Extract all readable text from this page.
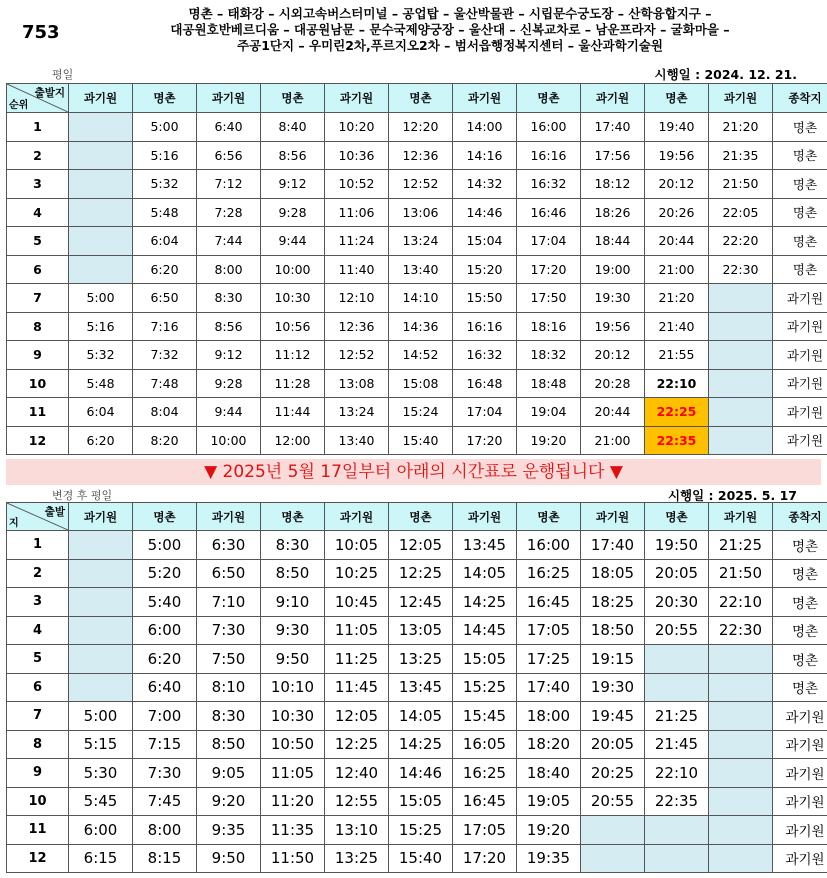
753
명촌 – 태화강 – 시외고속버스터미널 – 공업탑 – 울산박물관 – 시립문수궁도장 – 산학융합지구 –
대공원호반베르디움 – 대공원남문 – 문수국제양궁장 – 울산대 – 신복교차로 – 남운프라자 – 굴화마을 –
주공1단지 – 우미린2차,푸르지오2차 – 범서읍행정복지센터 – 울산과학기술원
평일	시행일 : 2024. 12. 21.
출발지
순위	과기원	명촌	과기원	명촌	과기원	명촌	과기원	명촌	과기원	명촌	과기원	종착지
1		5:00	6:40	8:40	10:20	12:20	14:00	16:00	17:40	19:40	21:20	명촌
2		5:16	6:56	8:56	10:36	12:36	14:16	16:16	17:56	19:56	21:35	명촌
3		5:32	7:12	9:12	10:52	12:52	14:32	16:32	18:12	20:12	21:50	명촌
4		5:48	7:28	9:28	11:06	13:06	14:46	16:46	18:26	20:26	22:05	명촌
5		6:04	7:44	9:44	11:24	13:24	15:04	17:04	18:44	20:44	22:20	명촌
6		6:20	8:00	10:00	11:40	13:40	15:20	17:20	19:00	21:00	22:30	명촌
7	5:00	6:50	8:30	10:30	12:10	14:10	15:50	17:50	19:30	21:20		과기원
8	5:16	7:16	8:56	10:56	12:36	14:36	16:16	18:16	19:56	21:40		과기원
9	5:32	7:32	9:12	11:12	12:52	14:52	16:32	18:32	20:12	21:55		과기원
10	5:48	7:48	9:28	11:28	13:08	15:08	16:48	18:48	20:28	22:10		과기원
11	6:04	8:04	9:44	11:44	13:24	15:24	17:04	19:04	20:44	22:25		과기원
12	6:20	8:20	10:00	12:00	13:40	15:40	17:20	19:20	21:00	22:35		과기원
▼ 2025년 5월 17일부터 아래의 시간표로 운행됩니다 ▼
변경 후 평일	시행일 : 2025. 5. 17
출발
지	과기원	명촌	과기원	명촌	과기원	명촌	과기원	명촌	과기원	명촌	과기원	종착지
1		5:00	6:30	8:30	10:05	12:05	13:45	16:00	17:40	19:50	21:25	명촌
2		5:20	6:50	8:50	10:25	12:25	14:05	16:25	18:05	20:05	21:50	명촌
3		5:40	7:10	9:10	10:45	12:45	14:25	16:45	18:25	20:30	22:10	명촌
4		6:00	7:30	9:30	11:05	13:05	14:45	17:05	18:50	20:55	22:30	명촌
5		6:20	7:50	9:50	11:25	13:25	15:05	17:25	19:15			명촌
6		6:40	8:10	10:10	11:45	13:45	15:25	17:40	19:30			명촌
7	5:00	7:00	8:30	10:30	12:05	14:05	15:45	18:00	19:45	21:25		과기원
8	5:15	7:15	8:50	10:50	12:25	14:25	16:05	18:20	20:05	21:45		과기원
9	5:30	7:30	9:05	11:05	12:40	14:46	16:25	18:40	20:25	22:10		과기원
10	5:45	7:45	9:20	11:20	12:55	15:05	16:45	19:05	20:55	22:35		과기원
11	6:00	8:00	9:35	11:35	13:10	15:25	17:05	19:20				과기원
12	6:15	8:15	9:50	11:50	13:25	15:40	17:20	19:35				과기원
